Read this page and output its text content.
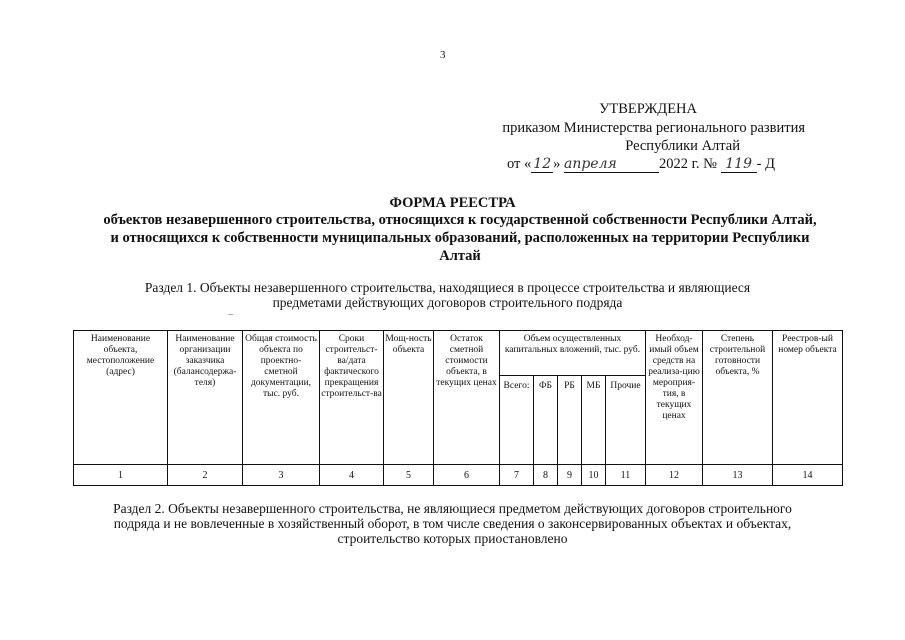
3
УТВЕРЖДЕНА
приказом Министерства регионального развития
Республики Алтай
от « 12 » апреля	2022 г. № 119 - Д
ФОРМА РЕЕСТРА
объектов незавершенного строительства, относящихся к государственной собственности Республики Алтай, и относящихся к собственности муниципальных образований, расположенных на территории Республики Алтай
Раздел 1. Объекты незавершенного строительства, находящиеся в процессе строительства и являющиеся предметами действующих договоров строительного подряда
–
Наименование объекта, местоположение (адрес)	Наименование организации заказчика (балансодержа-теля)	Общая стоимость объекта по проектно-сметной документации, тыс. руб.	Сроки строительст-ва/дата фактического прекращения строительст-ва	Мощ-ность объекта	Остаток сметной стоимости объекта, в текущих ценах	Объем осуществленных капитальных вложений, тыс. руб.					Необход-имый объем средств на реализа-цию мероприя-тия, в текущих ценах	Степень строительной готовности объекта, %	Реестров-ый номер объекта
						Всего:	ФБ	РБ	МБ	Прочие			
1	2	3	4	5	6	7	8	9	10	11	12	13	14
Раздел 2. Объекты незавершенного строительства, не являющиеся предметом действующих договоров строительного подряда и не вовлеченные в хозяйственный оборот, в том числе сведения о законсервированных объектах и объектах, строительство которых приостановлено
